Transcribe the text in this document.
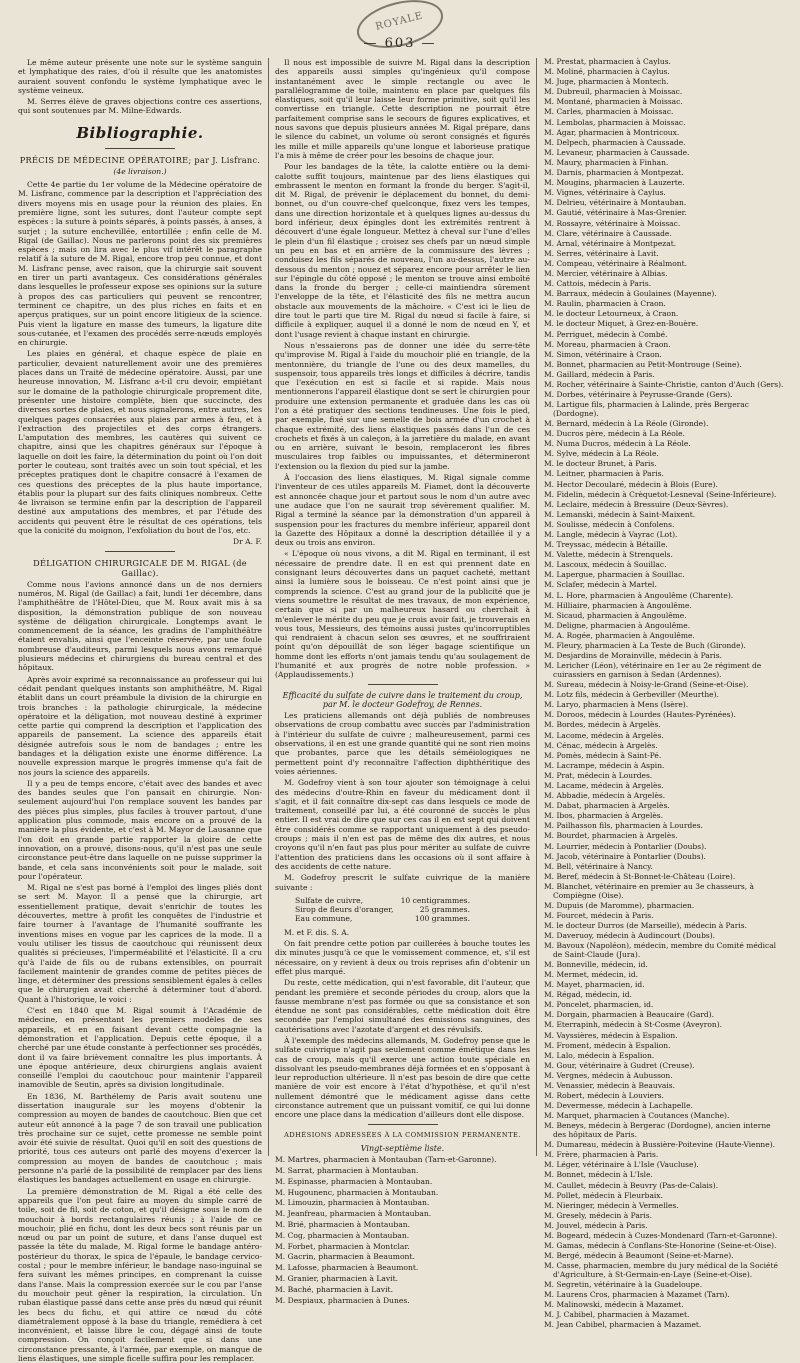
ROYALE
— 603 —

Le même auteur présente une note sur le système sanguin et lymphatique des raies, d'où il résulte que les anatomistes auraient souvent confondu le système lymphatique avec le système veineux.

M. Serres élève de graves objections contre ces assertions, qui sont soutenues par M. Milne-Edwards.

Bibliographie.
PRÉCIS DE MÉDECINE OPÉRATOIRE; par J. Lisfranc.
(4e livraison.)

Cette 4e partie du 1er volume de la Médecine opératoire de M. Lisfranc, commence par la description et l'appréciation des divers moyens mis en usage pour la réunion des plaies. En première ligne, sont les sutures, dont l'auteur compte sept espèces : la suture à points séparés, à points passés, à anses, à surjet ; la suture enchevillée, entortillée ; enfin celle de M. Rigal (de Gaillac). Nous ne parlerons point des six premières espèces ; mais on lira avec le plus vif intérêt le paragraphe relatif à la suture de M. Rigal, encore trop peu connue, et dont M. Lisfranc pense, avec raison, que la chirurgie sait souvent en tirer un parti avantageux. Ces considérations générales dans lesquelles le professeur expose ses opinions sur la suture à propos des cas particuliers qui peuvent se rencontrer, terminent ce chapitre, un des plus riches en faits et en aperçus pratiques, sur un point encore litigieux de la science. Puis vient la ligature en masse des tumeurs, la ligature dite sous-cutanée, et l'examen des procédés serre-nœuds employés en chirurgie.

Les plaies en général, et chaque espèce de plaie en particulier, devaient naturellement avoir une des premières places dans un Traité de médecine opératoire. Aussi, par une heureuse innovation, M. Lisfranc a-t-il cru devoir, empiétant sur le domaine de la pathologie chirurgicale proprement dite, présenter une histoire complète, bien que succincte, des diverses sortes de plaies, et nous signalerons, entre autres, les quelques pages consacrées aux plaies par armes à feu, et à l'extraction des projectiles et des corps étrangers. L'amputation des membres, les cautères qui suivent ce chapitre, ainsi que les chapitres généraux sur l'époque à laquelle on doit les faire, la détermination du point où l'on doit porter le couteau, sont traités avec un soin tout spécial, et les préceptes pratiques dont le chapitre consacré à l'examen de ces questions des préceptes de la plus haute importance, établis pour la plupart sur des faits cliniques nombreux. Cette 4e livraison se termine enfin par la description de l'appareil destiné aux amputations des membres, et par l'étude des accidents qui peuvent être le résultat de ces opérations, tels que la conicité du moignon, l'exfoliation du bout de l'os, etc.

Dr A. F.
DÉLIGATION CHIRURGICALE DE M. RIGAL (de Gaillac).

Comme nous l'avions annoncé dans un de nos derniers numéros, M. Rigal (de Gaillac) a fait, lundi 1er décembre, dans l'amphithéâtre de l'Hôtel-Dieu, que M. Roux avait mis à sa disposition, la démonstration publique de son nouveau système de déligation chirurgicale. Longtemps avant le commencement de la séance, les gradins de l'amphithéâtre étaient envahis, ainsi que l'enceinte réservée, par une foule nombreuse d'auditeurs, parmi lesquels nous avons remarqué plusieurs médecins et chirurgiens du bureau central et des hôpitaux.

Après avoir exprimé sa reconnaissance au professeur qui lui cédait pendant quelques instants son amphithéâtre, M. Rigal établit dans un court préambule la division de la chirurgie en trois branches : la pathologie chirurgicale, la médecine opératoire et la déligation, mot nouveau destiné à exprimer cette partie qui comprend la description et l'application des appareils de pansement. La science des appareils était désignée autrefois sous le nom de bandages ; entre les bandages et la déligation existe une énorme différence. La nouvelle expression marque le progrès immense qu'a fait de nos jours la science des appareils.

Il y a peu de temps encore, c'était avec des bandes et avec des bandes seules que l'on pansait en chirurgie. Non-seulement aujourd'hui l'on remplace souvent les bandes par des pièces plus simples, plus faciles à trouver partout, d'une application plus commode, mais encore on a prouvé de la manière la plus évidente, et c'est à M. Mayor de Lausanne que l'on doit en grande partie rapporter la gloire de cette innovation, on a prouvé, disons-nous, qu'il n'est pas une seule circonstance peut-être dans laquelle on ne puisse supprimer la bande, et cela sans inconvénients soit pour le malade, soit pour l'opérateur.

M. Rigal ne s'est pas borné à l'emploi des linges pliés dont se sert M. Mayor. Il a pensé que la chirurgie, art essentiellement pratique, devait s'enrichir de toutes les découvertes, mettre à profit les conquêtes de l'industrie et faire tourner à l'avantage de l'humanité souffrante les inventions mises en vogue par les caprices de la mode. Il a voulu utiliser les tissus de caoutchouc qui réunissent deux qualités si précieuses, l'imperméabilité et l'élasticité. Il a cru qu'à l'aide de fils ou de rubans extensibles, on pourrait facilement maintenir de grandes comme de petites pièces de linge, et déterminer des pressions sensiblement égales à celles que le chirurgien avait cherché à déterminer tout d'abord. Quant à l'historique, le voici :

C'est en 1840 que M. Rigal soumit à l'Académie de médecine, en présentant les premiers modèles de ses appareils, et en en faisant devant cette compagnie la démonstration et l'application. Depuis cette époque, il a cherché par une étude constante à perfectionner ses procédés, dont il va faire brièvement connaître les plus importants. À une époque antérieure, deux chirurgiens anglais avaient conseillé l'emploi du caoutchouc pour maintenir l'appareil inamovible de Seutin, après sa division longitudinale.

En 1836, M. Barthélemy de Paris avait soutenu une dissertation inaugurale sur les moyens d'obtenir la compression au moyen de bandes de caoutchouc. Bien que cet auteur eût annoncé à la page 7 de son travail une publication très prochaine sur ce sujet, cette promesse ne semble point avoir été suivie de résultat. Quoi qu'il en soit des questions de priorité, tous ces auteurs ont parlé des moyens d'exercer la compression au moyen de bandes de caoutchouc ; mais personne n'a parlé de la possibilité de remplacer par des liens élastiques les bandages actuellement en usage en chirurgie.

La première démonstration de M. Rigal a été celle des appareils que l'on peut faire au moyen du simple carré de toile, soit de fil, soit de coton, et qu'il désigne sous le nom de mouchoir à bords rectangulaires réunis ; à l'aide de ce mouchoir, plié en fichu, dont les deux becs sont réunis par un nœud ou par un point de suture, et dans l'anse duquel est passée la tête du malade, M. Rigal forme le bandage antéro-postérieur du thorax, le spica de l'épaule, le bandage cervico-costal ; pour le membre inférieur, le bandage naso-inguinal se fera suivant les mêmes principes, en comprenant la cuisse dans l'anse. Mais la compression exercée sur le cou par l'anse du mouchoir peut gêner la respiration, la circulation. Un ruban élastique passé dans cette anse près du nœud qui réunit les becs du fichu, et qui attire ce nœud du côté diamétralement opposé à la base du triangle, remédiera à cet inconvénient, et laisse libre le cou, dégagé ainsi de toute compression. On conçoit facilement que si dans une circonstance pressante, à l'armée, par exemple, on manque de liens élastiques, une simple ficelle suffira pour les remplacer.

Il nous est impossible de suivre M. Rigal dans la description des appareils aussi simples qu'ingénieux qu'il compose instantanément avec le simple rectangle ou avec le parallélogramme de toile, maintenu en place par quelques fils élastiques, soit qu'il leur laisse leur forme primitive, soit qu'il les convertisse en triangle. Cette description ne pourrait être parfaitement comprise sans le secours de figures explicatives, et nous savons que depuis plusieurs années M. Rigal prépare, dans le silence du cabinet, un volume où seront consignés et figurés les mille et mille appareils qu'une longue et laborieuse pratique l'a mis à même de créer pour les besoins de chaque jour.

Pour les bandages de la tête, la calotte entière ou la demi-calotte suffit toujours, maintenue par des liens élastiques qui embrassent le menton en formant la fronde du berger. S'agit-il, dit M. Rigal, de prévenir le déplacement du bonnet, du demi-bonnet, ou d'un couvre-chef quelconque, fixez vers les tempes, dans une direction horizontale et à quelques lignes au-dessus du bord inférieur, deux épingles dont les extrémités rentrent à découvert d'une égale longueur. Mettez à cheval sur l'une d'elles le plein d'un fil élastique ; croisez ses chefs par un nœud simple un peu en bas et en arrière de la commissure des lèvres ; conduisez les fils séparés de nouveau, l'un au-dessus, l'autre au-dessous du menton ; nouez et séparez encore pour arrêter le lien sur l'épingle du côté opposé ; le menton se trouve ainsi emboîté dans la fronde du berger ; celle-ci maintiendra sûrement l'enveloppe de la tête, et l'élasticité des fils ne mettra aucun obstacle aux mouvements de la mâchoire. « C'est ici le lieu de dire tout le parti que tire M. Rigal du nœud si facile à faire, si difficile à expliquer, auquel il a donné le nom de nœud en Y, et dont l'usage revient à chaque instant en chirurgie.

Nous n'essaierons pas de donner une idée du serre-tête qu'improvise M. Rigal à l'aide du mouchoir plié en triangle, de la mentonnière, du triangle de l'une ou des deux mamelles, du suspensoir, tous appareils très longs et difficiles à décrire, tandis que l'exécution en est si facile et si rapide. Mais nous mentionnerons l'appareil élastique dont se sert le chirurgien pour produire une extension permanente et graduée dans les cas où l'on a été pratiquer des sections tendineuses. Une fois le pied, par exemple, fixé sur une semelle de bois armée d'un crochet à chaque extrémité, des liens élastiques passés dans l'un de ces crochets et fixés à un caleçon, à la jarretière du malade, en avant ou en arrière, suivant le besoin, remplaceront les fibres musculaires trop faibles ou impuissantes, et détermineront l'extension ou la flexion du pied sur la jambe.

À l'occasion des liens élastiques, M. Rigal signale comme l'inventeur de ces utiles appareils M. Fiamet, dont la découverte est annoncée chaque jour et partout sous le nom d'un autre avec une audace que l'on ne saurait trop sévèrement qualifier. M. Rigal a terminé la séance par la démonstration d'un appareil à suspension pour les fractures du membre inférieur, appareil dont la Gazette des Hôpitaux a donné la description détaillée il y a deux ou trois ans environ.

« L'époque où nous vivons, a dit M. Rigal en terminant, il est nécessaire de prendre date. Il en est qui prennent date en consignant leurs découvertes dans un paquet cacheté, mettant ainsi la lumière sous le boisseau. Ce n'est point ainsi que je comprends la science. C'est au grand jour de la publicité que je viens soumettre le résultat de mes travaux, de mon expérience, certain que si par un malheureux hasard ou cherchait à m'enlever le mérite du peu que je crois avoir fait, je trouverais en vous tous, Messieurs, des témoins aussi justes qu'incorruptibles qui rendraient à chacun selon ses œuvres, et ne souffriraient point qu'on dépouillât de son léger bagage scientifique un homme dont les efforts n'ont jamais tendu qu'au soulagement de l'humanité et aux progrès de notre noble profession. » (Applaudissements.)

Efficacité du sulfate de cuivre dans le traitement du croup, par M. le docteur Godefroy, de Rennes.

Les praticiens allemands ont déjà publiés de nombreuses observations de croup combattu avec succès par l'administration à l'intérieur du sulfate de cuivre ; malheureusement, parmi ces observations, il en est une grande quantité qui ne sont rien moins que probantes, parce que les détails séméiologiques ne permettent point d'y reconnaître l'affection diphthéritique des voies aériennes.

M. Godefroy vient à son tour ajouter son témoignage à celui des médecins d'outre-Rhin en faveur du médicament dont il s'agit, et il fait connaître dix-sept cas dans lesquels ce mode de traitement, conseillé par lui, a été couronné de succès le plus entier. Il est vrai de dire que sur ces cas il en est sept qui doivent être considérés comme se rapportant uniquement à des pseudo-croups ; mais il n'en est pas de même des dix autres, et nous croyons qu'il n'en faut pas plus pour mériter au sulfate de cuivre l'attention des praticiens dans les occasions où il sont affaire à des accidents de cette nature.

M. Godefroy prescrit le sulfate cuivrique de la manière suivante :

Sulfate de cuivre,	10 centigrammes.
Sirop de fleurs d'oranger,	25 grammes.
Eau commune,	100 grammes.

M. et F. dis. S. A.

On fait prendre cette potion par cuillerées à bouche toutes les dix minutes jusqu'à ce que le vomissement commence, et, s'il est nécessaire, on y revient à deux ou trois reprises afin d'obtenir un effet plus marqué.

Du reste, cette médication, qui n'est favorable, dit l'auteur, que pendant les première et seconde périodes du croup, alors que la fausse membrane n'est pas formée ou que sa consistance et son étendue ne sont pas considérables, cette médication doit être secondée par l'emploi simultané des émissions sanguines, des cautérisations avec l'azotate d'argent et des révulsifs.

À l'exemple des médecins allemands, M. Godefroy pense que le sulfate cuivrique n'agit pas seulement comme émétique dans les cas de croup, mais qu'il exerce une action toute spéciale en dissolvant les pseudo-membranes déjà formées et en s'opposant à leur reproduction ultérieure. Il n'est pas besoin de dire que cette manière de voir est encore à l'état d'hypothèse, et qu'il n'est nullement démontré que le médicament agisse dans cette circonstance autrement que un puissant vomitif, ce qui lui donne encore une place dans la médication d'ailleurs dont elle dispose.

ADHÉSIONS ADRESSÉES À LA COMMISSION PERMANENTE.
Vingt-septième liste.

M. Martres, pharmacien à Montauban (Tarn-et-Garonne).

M. Sarrat, pharmacien à Montauban.

M. Espinasse, pharmacien à Montauban.

M. Hugounenc, pharmacien à Montauban.

M. Limouzin, pharmacien à Montauban.

M. Jeanfreau, pharmacien à Montauban.

M. Brié, pharmacien à Montauban.

M. Cog, pharmacien à Montauban.

M. Forbet, pharmacien à Montclar.

M. Gacrin, pharmacien à Beaumont.

M. Lafosse, pharmacien à Beaumont.

M. Granier, pharmacien à Lavit.

M. Baché, pharmacien à Lavit.

M. Despiaux, pharmacien à Dunes.

M. Prestat, pharmacien à Caylus.

M. Moliné, pharmacien à Caylus.

M. Juge, pharmacien à Montech.

M. Dubreuil, pharmacien à Moissac.

M. Montané, pharmacien à Moissac.

M. Carles, pharmacien à Moissac.

M. Lembolas, pharmacien à Moissac.

M. Agar, pharmacien à Montricoux.

M. Delpech, pharmacien à Caussade.

M. Levaneur, pharmacien à Caussade.

M. Maury, pharmacien à Finhan.

M. Darnis, pharmacien à Montpezat.

M. Mougins, pharmacien à Lauzerte.

M. Vignes, vétérinaire à Caylus.

M. Delrieu, vétérinaire à Montauban.

M. Gautié, vétérinaire à Mas-Grenier.

M. Rossayre, vétérinaire à Moissac.

M. Clare, vétérinaire à Caussade.

M. Arnal, vétérinaire à Montpezat.

M. Serres, vétérinaire à Lavit.

M. Compeau, vétérinaire à Réalmont.

M. Mercier, vétérinaire à Albias.

M. Cattois, médecin à Paris.

M. Barraux, médecin à Goulaines (Mayenne).

M. Raulin, pharmacien à Craon.

M. le docteur Letourneux, à Craon.

M. le docteur Miquet, à Grez-en-Bouère.

M. Perriguet, médecin à Combé.

M. Moreau, pharmacien à Craon.

M. Simon, vétérinaire à Craon.

M. Bonnet, pharmacien au Petit-Montrouge (Seine).

M. Gaillard, médecin à Paris.

M. Rocher, vétérinaire à Sainte-Christie, canton d'Auch (Gers).

M. Dorbes, vétérinaire à Peyrusse-Grande (Gers).

M. Lartigue fils, pharmacien à Lalinde, près Bergerac (Dordogne).

M. Bernard, médecin à La Réole (Gironde).

M. Ducros père, médecin à La Réole.

M. Numa Ducros, médecin à La Réole.

M. Sylve, médecin à La Réole.

M. le docteur Brunet, à Paris.

M. Leitner, pharmacien à Paris.

M. Hector Decoularé, médecin à Blois (Eure).

M. Fidelin, médecin à Crèquetot-Lesneval (Seine-Inférieure).

M. Leclaire, médecin à Bressuire (Deux-Sèvres).

M. Lemanski, médecin à Saint-Maixent.

M. Soulisse, médecin à Confolens.

M. Langle, médecin à Vayrac (Lot).

M. Treyssac, médecin à Bétaille.

M. Valette, médecin à Strenquels.

M. Lascoux, médecin à Souillac.

M. Lapergue, pharmacien à Souillac.

M. Sclafer, médecin à Martel.

M. L. Hore, pharmacien à Angoulême (Charente).

M. Hilliaire, pharmacien à Angoulême.

M. Sicaud, pharmacien à Angoulême.

M. Deligne, pharmacien à Angoulême.

M. A. Rogée, pharmacien à Angoulême.

M. Fleury, pharmacien à La Teste de Buch (Gironde).

M. Desjardins de Morainville, médecin à Paris.

M. Lericher (Léon), vétérinaire en 1er au 2e régiment de cuirassiers en garnison à Sedan (Ardennes).

M. Sureau, médecin à Noisy-le-Grand (Seine-et-Oise).

M. Lotz fils, médecin à Gerbeviller (Meurthe).

M. Laryo, pharmacien à Mens (Isère).

M. Doroos, médecin à Lourdes (Hautes-Pyrénées).

M. Bordes, médecin à Argelès.

M. Lacome, médecin à Argelès.

M. Cénac, médecin à Argelès.

M. Pomès, médecin à Saint-Pé.

M. Lacrampe, médecin à Aspin.

M. Prat, médecin à Lourdes.

M. Lacame, médecin à Argelès.

M. Abbadie, médecin à Argelès.

M. Dabat, pharmacien à Argelès.

M. Ibos, pharmacien à Argelès.

M. Pailhasson fils, pharmacien à Lourdes.

M. Bourdet, pharmacien à Argelès.

M. Lourrier, médecin à Pontarlier (Doubs).

M. Jacob, vétérinaire à Pontarlier (Doubs).

M. Bell, vétérinaire à Nancy.

M. Beref, médecin à St-Bonnet-le-Château (Loire).

M. Blanchet, vétérinaire en premier au 3e chasseurs, à Compiègne (Oise).

M. Dupuis (de Maromme), pharmacien.

M. Fourcet, médecin à Paris.

M. le docteur Durros (de Marseille), médecin à Paris.

M. Daveruoy, médecin à Audincourt (Doubs).

M. Bavoux (Napoléon), médecin, membre du Comité médical de Saint-Claude (Jura).

M. Bonneville, médecin, id.

M. Mermet, médecin, id.

M. Mayet, pharmacien, id.

M. Régad, médecin, id.

M. Poncelet, pharmacien, id.

M. Dorgain, pharmacien à Beaucaire (Gard).

M. Eterrapinh, médecin à St-Cosme (Aveyron).

M. Vayssières, médecin à Espalion.

M. Froment, médecin à Espalion.

M. Lalo, médecin à Espalion.

M. Gour, vétérinaire à Gudret (Creuse).

M. Vergnes, médecin à Aubusson.

M. Venassier, médecin à Beauvais.

M. Robert, médecin à Louviers.

M. Devermesse, médecin à Lachapelle.

M. Marquet, pharmacien à Coutances (Manche).

M. Beneys, médecin à Bergerac (Dordogne), ancien interne des hôpitaux de Paris.

M. Dumareau, médecin à Bussière-Poitevine (Haute-Vienne).

M. Frère, pharmacien à Paris.

M. Léger, vétérinaire à L'Isle (Vaucluse).

M. Bonnet, médecin à L'Isle.

M. Caullet, médecin à Beuvry (Pas-de-Calais).

M. Pollet, médecin à Fleurbaix.

M. Nieringer, médecin à Vermelles.

M. Gresely, médecin à Paris.

M. Jouvel, médecin à Paris.

M. Bogeard, médecin à Cuzes-Mondenard (Tarn-et-Garonne).

M. Gamas, médecin à Conflans-Ste-Honorine (Seine-et-Oise).

M. Bergé, médecin à Beaumont (Seine-et-Marne).

M. Casse, pharmacien, membre du jury médical de la Société d'Agriculture, à St-Germain-en-Laye (Seine-et-Oise).

M. Segretin, vétérinaire à la Guadeloupe.

M. Laurens Cros, pharmacien à Mazamet (Tarn).

M. Malinowski, médecin à Mazamet.

M. J. Cabibel, pharmacien à Mazamet.

M. Jean Cabibel, pharmacien à Mazamet.
